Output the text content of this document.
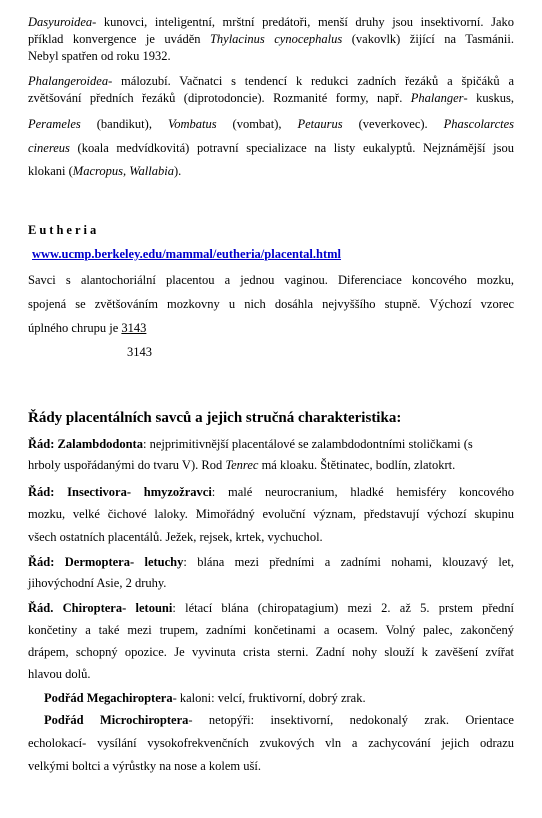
Dasyuroidea- kunovci, inteligentní, mrštní predátoři, menší druhy jsou insektivorní. Jako
příklad konvergence je uváděn Thylacinus cynocephalus (vakovlk) žijící na Tasmánii.
Nebyl spatřen od roku 1932.
Phalangeroidea- málozubí. Vačnatci s tendencí k redukci zadních řezáků a špičáků a
zvětšování předních řezáků (diprotodoncie). Rozmanité formy, např. Phalanger- kuskus,
Perameles (bandikut), Vombatus (vombat), Petaurus (veverkovec). Phascolarctes
cinereus (koala medvídkovitá) potravní specializace na listy eukalyptů. Nejznámější jsou
klokani (Macropus, Wallabia).
Eutheria
www.ucmp.berkeley.edu/mammal/eutheria/placental.html
Savci s alantochoriální placentou a jednou vaginou. Diferenciace koncového mozku,
spojená se zvětšováním mozkovny u nich dosáhla nejvyššího stupně. Výchozí vzorec
úplného chrupu je 3143
3143
Řády placentálních savců a jejich stručná charakteristika:
Řád: Zalambdodonta: nejprimitivnější placentálové se zalambdodontními stoličkami (s
hrboly uspořádanými do tvaru V). Rod Tenrec má kloaku. Štětinatec, bodlín, zlatokrt.
Řád: Insectivora- hmyzožravci: malé neurocranium, hladké hemisféry koncového
mozku, velké čichové laloky. Mimořádný evoluční význam, představují výchozí skupinu
všech ostatních placentálů. Ježek, rejsek, krtek, vychuchol.
Řád: Dermoptera- letuchy: blána mezi předními a zadními nohami, klouzavý let,
jihovýchodní Asie, 2 druhy.
Řád. Chiroptera- letouni: létací blána (chiropatagium) mezi 2. až 5. prstem přední
končetiny a také mezi trupem, zadními končetinami a ocasem. Volný palec, zakončený
drápem, schopný opozice. Je vyvinuta crista sterni. Zadní nohy slouží k zavěšení zvířat
hlavou dolů.
Podřád Megachiroptera- kaloni: velcí, fruktivorní, dobrý zrak.
Podřád Microchiroptera- netopýři: insektivorní, nedokonalý zrak. Orientace
echolokací- vysílání vysokofrekvenčních zvukových vln a zachycování jejich odrazu
velkými boltci a výrůstky na nose a kolem uší.
